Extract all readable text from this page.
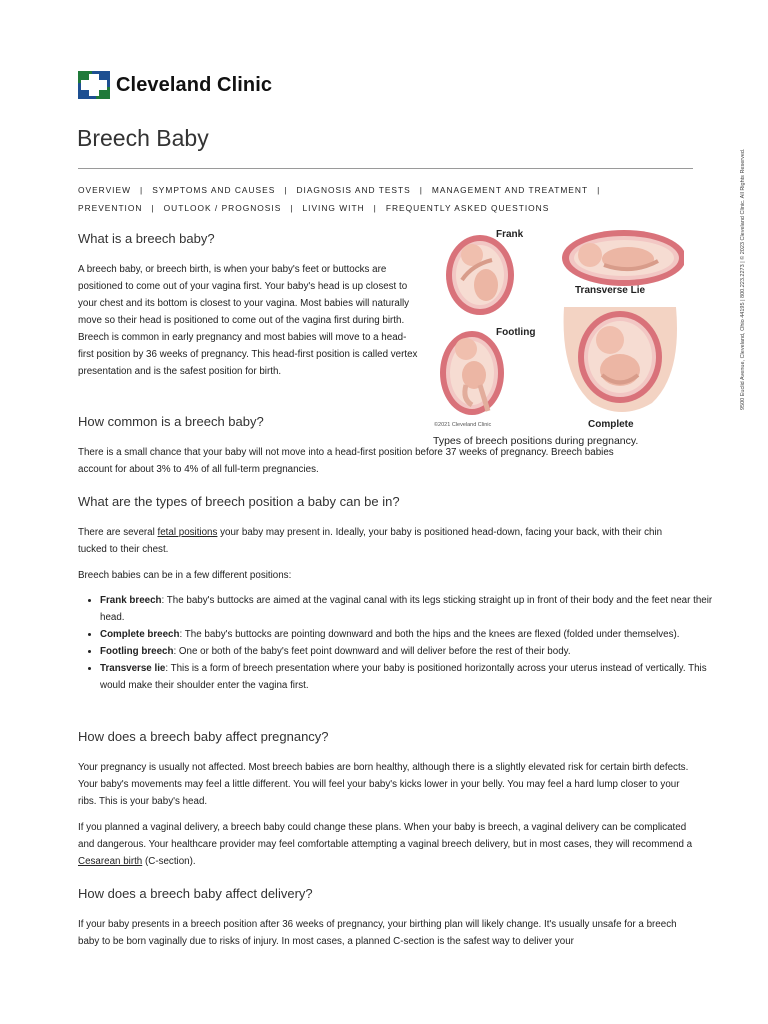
Cleveland Clinic
9500 Euclid Avenue, Cleveland, Ohio 44195 | 800.223.2273 | © 2023 Cleveland Clinic. All Rights Reserved.
Breech Baby
OVERVIEW | SYMPTOMS AND CAUSES | DIAGNOSIS AND TESTS | MANAGEMENT AND TREATMENT |
PREVENTION | OUTLOOK / PROGNOSIS | LIVING WITH | FREQUENTLY ASKED QUESTIONS
What is a breech baby?

A breech baby, or breech birth, is when your baby's feet or buttocks are positioned to come out of your vagina first. Your baby's head is up closest to your chest and its bottom is closest to your vagina. Most babies will naturally move so their head is positioned to come out of the vagina first during birth. Breech is common in early pregnancy and most babies will move to a head-first position by 36 weeks of pregnancy. This head-first position is called vertex presentation and is the safest position for birth.

Frank
Transverse Lie
Footling
Complete
©2021 Cleveland Clinic
Types of breech positions during pregnancy.
How common is a breech baby?

There is a small chance that your baby will not move into a head-first position before 37 weeks of pregnancy. Breech babies account for about 3% to 4% of all full-term pregnancies.

What are the types of breech position a baby can be in?

There are several fetal positions your baby may present in. Ideally, your baby is positioned head-down, facing your back, with their chin tucked to their chest.

Breech babies can be in a few different positions:

• Frank breech: The baby's buttocks are aimed at the vaginal canal with its legs sticking straight up in front of their body and the feet near their head.
• Complete breech: The baby's buttocks are pointing downward and both the hips and the knees are flexed (folded under themselves).
• Footling breech: One or both of the baby's feet point downward and will deliver before the rest of their body.
• Transverse lie: This is a form of breech presentation where your baby is positioned horizontally across your uterus instead of vertically. This would make their shoulder enter the vagina first.
How does a breech baby affect pregnancy?

Your pregnancy is usually not affected. Most breech babies are born healthy, although there is a slightly elevated risk for certain birth defects. Your baby's movements may feel a little different. You will feel your baby's kicks lower in your belly. You may feel a hard lump closer to your ribs. This is your baby's head.

If you planned a vaginal delivery, a breech baby could change these plans. When your baby is breech, a vaginal delivery can be complicated and dangerous. Your healthcare provider may feel comfortable attempting a vaginal breech delivery, but in most cases, they will recommend a Cesarean birth (C-section).

How does a breech baby affect delivery?

If your baby presents in a breech position after 36 weeks of pregnancy, your birthing plan will likely change. It's usually unsafe for a breech baby to be born vaginally due to risks of injury. In most cases, a planned C-section is the safest way to deliver your
